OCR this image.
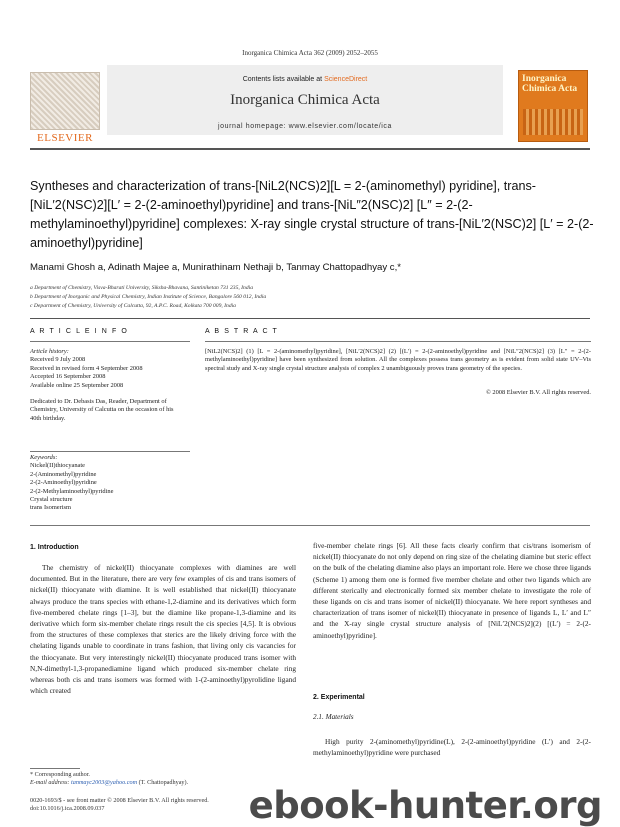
Inorganica Chimica Acta 362 (2009) 2052–2055
ELSEVIER
Contents lists available at ScienceDirect
Inorganica Chimica Acta
journal homepage: www.elsevier.com/locate/ica
Inorganica Chimica Acta
Syntheses and characterization of trans-[NiL2(NCS)2][L = 2-(aminomethyl) pyridine], trans-[NiL′2(NSC)2][L′ = 2-(2-aminoethyl)pyridine] and trans-[NiL″2(NSC)2] [L″ = 2-(2-methylaminoethyl)pyridine] complexes: X-ray single crystal structure of trans-[NiL′2(NSC)2] [L′ = 2-(2-aminoethyl)pyridine]
Manami Ghosh a, Adinath Majee a, Munirathinam Nethaji b, Tanmay Chattopadhyay c,*
a Department of Chemistry, Visva-Bharati University, Siksha-Bhavana, Santiniketan 731 235, India
b Department of Inorganic and Physical Chemistry, Indian Institute of Science, Bangalore 560 012, India
c Department of Chemistry, University of Calcutta, 92, A.P.C. Road, Kolkata 700 009, India
A R T I C L E I N F O	A B S T R A C T
Article history:
Received 9 July 2008
Received in revised form 4 September 2008
Accepted 16 September 2008
Available online 25 September 2008
Dedicated to Dr. Debasis Das, Reader, Department of Chemistry, University of Calcutta on the occasion of his 40th birthday.
Keywords:
Nickel(II)thiocyanate
2-(Aminomethyl)pyridine
2-(2-Aminoethyl)pyridine
2-(2-Methylaminoethyl)pyridine
Crystal structure
trans Isomerism
[NiL2(NCS)2] (1) [L = 2-(aminomethyl)pyridine], [NiL′2(NCS)2] (2) [(L′) = 2-(2-aminoethyl)pyridine and [NiL″2(NCS)2] (3) [L″ = 2-(2-methylaminoethyl)pyridine] have been synthesized from solution. All the complexes possess trans geometry as is evident from solid state UV–Vis spectral study and X-ray single crystal structure analysis of complex 2 unambiguously proves trans geometry of the species.
© 2008 Elsevier B.V. All rights reserved.
1. Introduction

The chemistry of nickel(II) thiocyanate complexes with diamines are well documented. But in the literature, there are very few examples of cis and trans isomers of nickel(II) thiocyanate with diamine. It is well established that nickel(II) thiocyanate always produce the trans species with ethane-1,2-diamine and its derivatives which form five-membered chelate rings [1–3], but the diamine like propane-1,3-diamine and its derivative which form six-member chelate rings result the cis species [4,5]. It is obvious from the structures of these complexes that sterics are the likely driving force with the chelating ligands unable to coordinate in trans fashion, that living only cis vacancies for the thiocyanate. But very interestingly nickel(II) thiocyanate produced trans isomer with N,N-dimethyl-1,3-propanediamine ligand which produced six-member chelate ring whereas both cis and trans isomers was formed with 1-(2-aminoethyl)pyrolidine ligand which created

five-member chelate rings [6]. All these facts clearly confirm that cis/trans isomerism of nickel(II) thiocyanate do not only depend on ring size of the chelating diamine but steric effect on the bulk of the chelating diamine also plays an important role. Here we chose three ligands (Scheme 1) among them one is formed five member chelate and other two ligands which are different sterically and electronically formed six member chelate to investigate the role of these ligands on cis and trans isomer of nickel(II) thiocyanate. We here report syntheses and characterization of trans isomer of nickel(II) thiocyanate in presence of ligands L, L′ and L″ and the X-ray single crystal structure analysis of [NiL′2(NCS)2](2) [(L′) = 2-(2-aminoethyl)pyridine].

2. Experimental
2.1. Materials

High purity 2-(aminomethyl)pyridine(L), 2-(2-aminoethyl)pyridine (L′) and 2-(2-methylaminoethyl)pyridine were purchased

* Corresponding author.
E-mail address: tanmayc2003@yahoo.com (T. Chattopadhyay).
0020-1693/$ - see front matter © 2008 Elsevier B.V. All rights reserved.
doi:10.1016/j.ica.2008.09.037	ebook-hunter.org
